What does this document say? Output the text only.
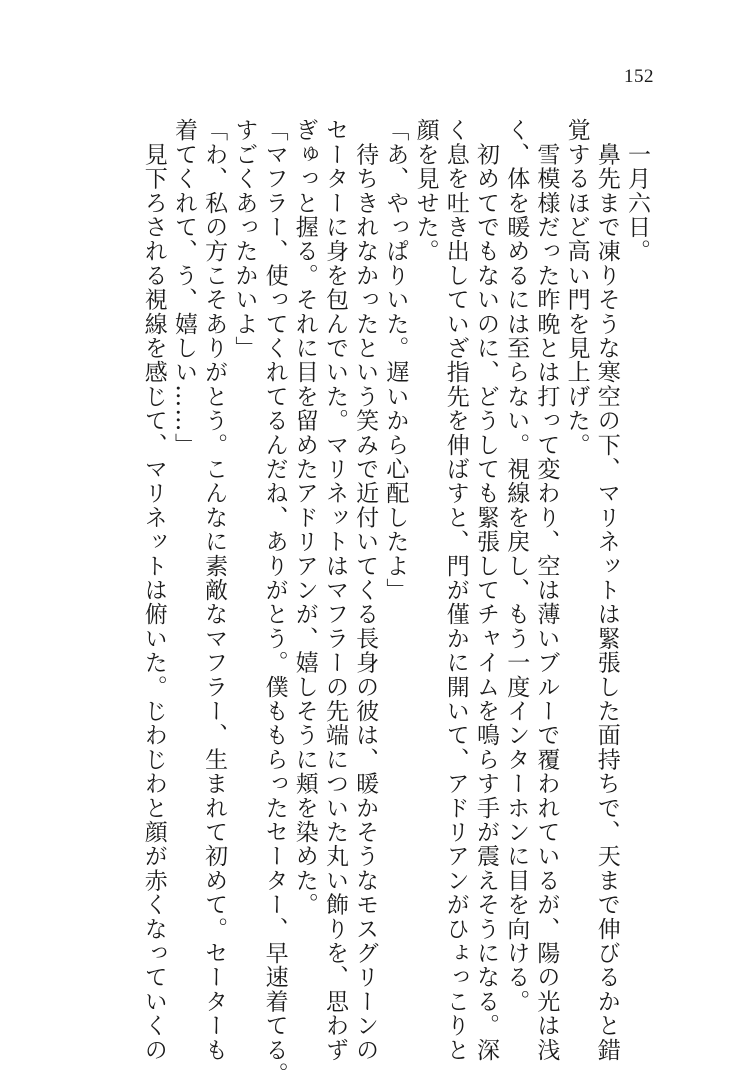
152
　一月六日。
　鼻先まで凍りそうな寒空の下、マリネットは緊張した面持ちで、天まで伸びるかと錯
覚するほど高い門を見上げた。
　雪模様だった昨晩とは打って変わり、空は薄いブルーで覆われているが、陽の光は浅
く、体を暖めるには至らない。視線を戻し、もう一度インターホンに目を向ける。
　初めてでもないのに、どうしても緊張してチャイムを鳴らす手が震えそうになる。深
く息を吐き出していざ指先を伸ばすと、門が僅かに開いて、アドリアンがひょっこりと
顔を見せた。
「あ、やっぱりいた。遅いから心配したよ」
　待ちきれなかったという笑みで近付いてくる長身の彼は、暖かそうなモスグリーンの
セーターに身を包んでいた。マリネットはマフラーの先端についた丸い飾りを、思わず
ぎゅっと握る。それに目を留めたアドリアンが、嬉しそうに頬を染めた。
「マフラー、使ってくれてるんだね、ありがとう。僕ももらったセーター、早速着てる。
すごくあったかいよ」
「わ、私の方こそありがとう。こんなに素敵なマフラー、生まれて初めて。セーターも
着てくれて、う、嬉しい……」
　見下ろされる視線を感じて、マリネットは俯いた。じわじわと顔が赤くなっていくの
